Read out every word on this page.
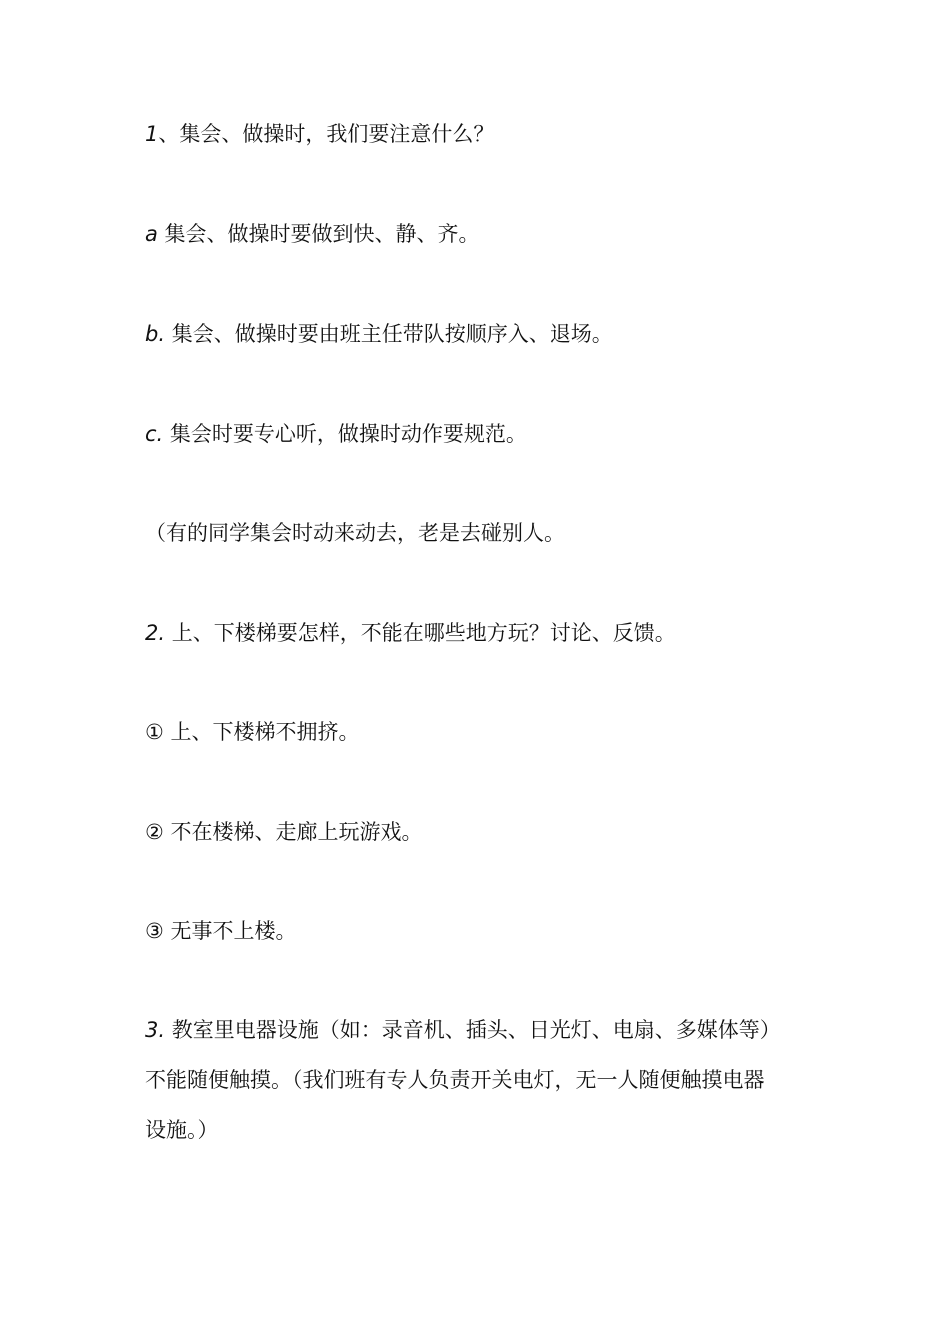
1、集会、做操时，我们要注意什么？
a 集会、做操时要做到快、静、齐。
b. 集会、做操时要由班主任带队按顺序入、退场。
c. 集会时要专心听，做操时动作要规范。
（有的同学集会时动来动去，老是去碰别人。
2. 上、下楼梯要怎样，不能在哪些地方玩？讨论、反馈。
① 上、下楼梯不拥挤。
② 不在楼梯、走廊上玩游戏。
③ 无事不上楼。
3. 教室里电器设施（如：录音机、插头、日光灯、电扇、多媒体等）
不能随便触摸。（我们班有专人负责开关电灯，无一人随便触摸电器
设施。）
